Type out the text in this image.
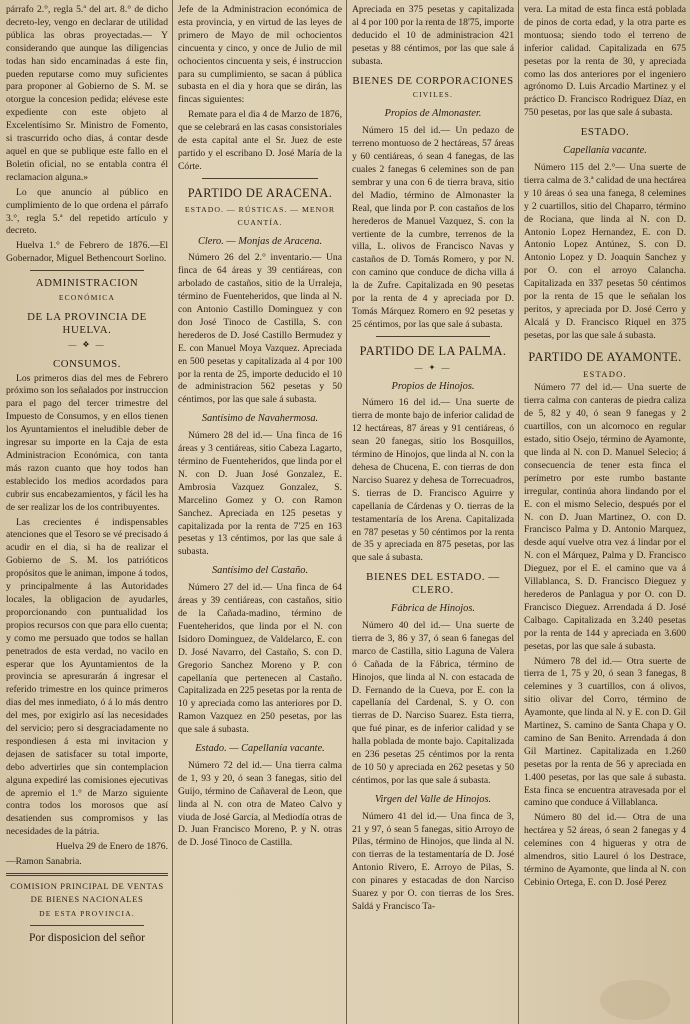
párrafo 2.°, regla 5.ª del art. 8.° de dicho decreto-ley, vengo en declarar de utilidad pública las obras proyectadas.— Y considerando que aunque las diligencias todas han sido encaminadas á este fin, pueden reputarse como muy suficientes para proponer al Gobierno de S. M. se otorgue la concesion pedida; elévese este expediente con este objeto al Excelentísimo Sr. Ministro de Fomento, si trascurrido ocho dias, á contar desde aquel en que se publique este fallo en el Boletin oficial, no se entabla contra él reclamacion alguna.»

Lo que anuncio al público en cumplimiento de lo que ordena el párrafo 3.°, regla 5.ª del repetido artículo y decreto.

Huelva 1.° de Febrero de 1876.—El Gobernador, Miguel Bethencourt Sorlino.

ADMINISTRACION
ECONÓMICA
DE LA PROVINCIA DE HUELVA.
— ❖ —
CONSUMOS.

Los primeros dias del mes de Febrero próximo son los señalados por instruccion para el pago del tercer trimestre del Impuesto de Consumos, y en ellos tienen los Ayuntamientos el ineludible deber de ingresar su importe en la Caja de esta Administracion Económica, con tanta más razon cuanto que hoy todos han establecido los medios acordados para cubrir sus encabezamientos, y fácil les ha de ser realizar los de los contribuyentes.

Las crecientes é indispensables atenciones que el Tesoro se vé precisado á acudir en el dia, si ha de realizar el Gobierno de S. M. los patrióticos propósitos que le animan, impone á todos, y principalmente á las Autoridades locales, la obligacion de ayudarles, proporcionando con puntualidad los propios recursos con que para ello cuenta; y como me persuado que todos se hallan penetrados de esta verdad, no vacilo en esperar que los Ayuntamientos de la provincia se apresurarán á ingresar el referido trimestre en los quince primeros dias del mes inmediato, ó á lo más dentro del mes, por exigirlo así las necesidades del servicio; pero si desgraciadamente no respondiesen á esta mi invitacion y dejasen de satisfacer su total importe, debo advertirles que sin contemplacion alguna expediré las comisiones ejecutivas de apremio el 1.° de Marzo siguiente contra todos los morosos que así desatienden sus compromisos y las necesidades de la pátria.

Huelva 29 de Enero de 1876.

—Ramon Sanabria.

COMISION PRINCIPAL DE VENTAS DE BIENES NACIONALES
DE ESTA PROVINCIA.
Por disposicion del señor

Jefe de la Administracion económica de esta provincia, y en virtud de las leyes de primero de Mayo de mil ochocientos cincuenta y cinco, y once de Julio de mil ochocientos cincuenta y seis, é instruccion para su cumplimiento, se sacan á pública subasta en el dia y hora que se dirán, las fincas siguientes:

Remate para el dia 4 de Marzo de 1876, que se celebrará en las casas consistoriales de esta capital ante el Sr. Juez de este partido y el escribano D. José María de la Córte.

PARTIDO DE ARACENA.
ESTADO. — RÚSTICAS. — MENOR CUANTÍA.
Clero. — Monjas de Aracena.

Número 26 del 2.° inventario.— Una finca de 64 áreas y 39 centiáreas, con arbolado de castaños, sitio de la Urraleja, término de Fuenteheridos, que linda al N. con Antonio Castillo Dominguez y con don José Tinoco de Castilla, S. con herederos de D. José Castillo Bermudez y E. con Manuel Moya Vazquez. Apreciada en 500 pesetas y capitalizada al 4 por 100 por la renta de 25, importe deducido el 10 de administracion 562 pesetas y 50 céntimos, por las que sale á subasta.

Santísimo de Navahermosa.

Número 28 del id.— Una finca de 16 áreas y 3 centiáreas, sitio Cabeza Lagarto, término de Fuenteheridos, que linda por el N. con D. Juan José Gonzalez, E. Ambrosia Vazquez Gonzalez, S. Marcelino Gomez y O. con Ramon Sanchez. Apreciada en 125 pesetas y capitalizada por la renta de 7'25 en 163 pesetas y 13 céntimos, por las que sale á subasta.

Santísimo del Castaño.

Número 27 del id.— Una finca de 64 áreas y 39 centiáreas, con castaños, sitio de la Cañada-madino, término de Fuenteheridos, que linda por el N. con Isidoro Dominguez, de Valdelarco, E. con D. José Navarro, del Castaño, S. con D. Gregorio Sanchez Moreno y P. con capellanía que pertenecen al Castaño. Capitalizada en 225 pesetas por la renta de 10 y apreciada como las anteriores por D. Ramon Vazquez en 250 pesetas, por las que sale á subasta.

Estado. — Capellanía vacante.

Número 72 del id.— Una tierra calma de 1, 93 y 20, ó sean 3 fanegas, sitio del Guijo, término de Cañaveral de Leon, que linda al N. con otra de Mateo Calvo y viuda de José García, al Mediodía otras de D. Juan Francisco Moreno, P. y N. otras de D. José Tinoco de Castilla.

Apreciada en 375 pesetas y capitalizada al 4 por 100 por la renta de 18'75, importe deducido el 10 de administracion 421 pesetas y 88 céntimos, por las que sale á subasta.

BIENES DE CORPORACIONES
CIVILES.
Propios de Almonaster.

Número 15 del id.— Un pedazo de terreno montuoso de 2 hectáreas, 57 áreas y 60 centiáreas, ó sean 4 fanegas, de las cuales 2 fanegas 6 celemines son de pan sembrar y una con 6 de tierra brava, sitio del Madio, término de Almonaster la Real, que linda por P. con castaños de los herederos de Manuel Vazquez, S. con la vertiente de la cumbre, terrenos de la villa, L. olivos de Francisco Navas y castaños de D. Tomás Romero, y por N. con camino que conduce de dicha villa á la de Zufre. Capitalizada en 90 pesetas por la renta de 4 y apreciada por D. Tomás Márquez Romero en 92 pesetas y 25 céntimos, por las que sale á subasta.

PARTIDO DE LA PALMA.
— ✦ —
Propios de Hinojos.

Número 16 del id.— Una suerte de tierra de monte bajo de inferior calidad de 12 hectáreas, 87 áreas y 91 centiáreas, ó sean 20 fanegas, sitio los Bosquillos, término de Hinojos, que linda al N. con la dehesa de Chucena, E. con tierras de don Narciso Suarez y dehesa de Torrecuadros, S. tierras de D. Francisco Aguirre y capellanía de Cárdenas y O. tierras de la testamentaría de los Arena. Capitalizada en 787 pesetas y 50 céntimos por la renta de 35 y apreciada en 875 pesetas, por las que sale á subasta.

BIENES DEL ESTADO. — CLERO.
Fábrica de Hinojos.

Número 40 del id.— Una suerte de tierra de 3, 86 y 37, ó sean 6 fanegas del marco de Castilla, sitio Laguna de Valera ó Cañada de la Fábrica, término de Hinojos, que linda al N. con estacada de D. Fernando de la Cueva, por E. con la capellanía del Cardenal, S. y O. con tierras de D. Narciso Suarez. Esta tierra, que fué pinar, es de inferior calidad y se halla poblada de monte bajo. Capitalizada en 236 pesetas 25 céntimos por la renta de 10 50 y apreciada en 262 pesetas y 50 céntimos, por las que sale á subasta.

Virgen del Valle de Hinojos.

Número 41 del id.— Una finca de 3, 21 y 97, ó sean 5 fanegas, sitio Arroyo de Pilas, término de Hinojos, que linda al N. con tierras de la testamentaría de D. José Antonio Rivero, E. Arroyo de Pilas, S. con pinares y estacadas de don Narciso Suarez y por O. con tierras de los Sres. Saldá y Francisco Ta-

vera. La mitad de esta finca está poblada de pinos de corta edad, y la otra parte es montuosa; siendo todo el terreno de inferior calidad. Capitalizada en 675 pesetas por la renta de 30, y apreciada como las dos anteriores por el ingeniero agrónomo D. Luis Arcadio Martinez y el práctico D. Francisco Rodriguez Díaz, en 750 pesetas, por las que sale á subasta.

ESTADO.
Capellanía vacante.

Número 115 del 2.°— Una suerte de tierra calma de 3.ª calidad de una hectárea y 10 áreas ó sea una fanega, 8 celemines y 2 cuartillos, sitio del Chaparro, término de Rociana, que linda al N. con D. Antonio Lopez Hernandez, E. con D. Antonio Lopez Antúnez, S. con D. Antonio Lopez y D. Joaquin Sanchez y por O. con el arroyo Calancha. Capitalizada en 337 pesetas 50 céntimos por la renta de 15 que le señalan los peritos, y apreciada por D. José Cerro y Alcalá y D. Francisco Riquel en 375 pesetas, por las que sale á subasta.

PARTIDO DE AYAMONTE.
ESTADO.

Número 77 del id.— Una suerte de tierra calma con canteras de piedra caliza de 5, 82 y 40, ó sean 9 fanegas y 2 cuartillos, con un alcornoco en regular estado, sitio Osejo, término de Ayamonte, que linda al N. con D. Manuel Selecio; á consecuencia de tener esta finca el perímetro por este rumbo bastante irregular, continúa ahora lindando por el E. con el mismo Selecio, después por el N. con D. Juan Martinez, O. con D. Francisco Palma y D. Antonio Marquez, desde aquí vuelve otra vez á lindar por el N. con el Márquez, Palma y D. Francisco Dieguez, por el E. el camino que va á Villablanca, S. D. Francisco Dieguez y herederos de Panlagua y por O. con D. Francisco Dieguez. Arrendada á D. José Calbago. Capitalizada en 3.240 pesetas por la renta de 144 y apreciada en 3.600 pesetas, por las que sale á subasta.

Número 78 del id.— Otra suerte de tierra de 1, 75 y 20, ó sean 3 fanegas, 8 celemines y 3 cuartillos, con á olivos, sitio olivar del Corro, término de Ayamonte, que linda al N. y E. con D. Gil Martinez, S. camino de Santa Chapa y O. camino de San Benito. Arrendada á don Gil Martinez. Capitalizada en 1.260 pesetas por la renta de 56 y apreciada en 1.400 pesetas, por las que sale á subasta. Esta finca se encuentra atravesada por el camino que conduce á Villablanca.

Número 80 del id.— Otra de una hectárea y 52 áreas, ó sean 2 fanegas y 4 celemines con 4 higueras y otra de almendros, sitio Laurel ó los Destrace, término de Ayamonte, que linda al N. con Cebinio Ortega, E. con D. José Perez
